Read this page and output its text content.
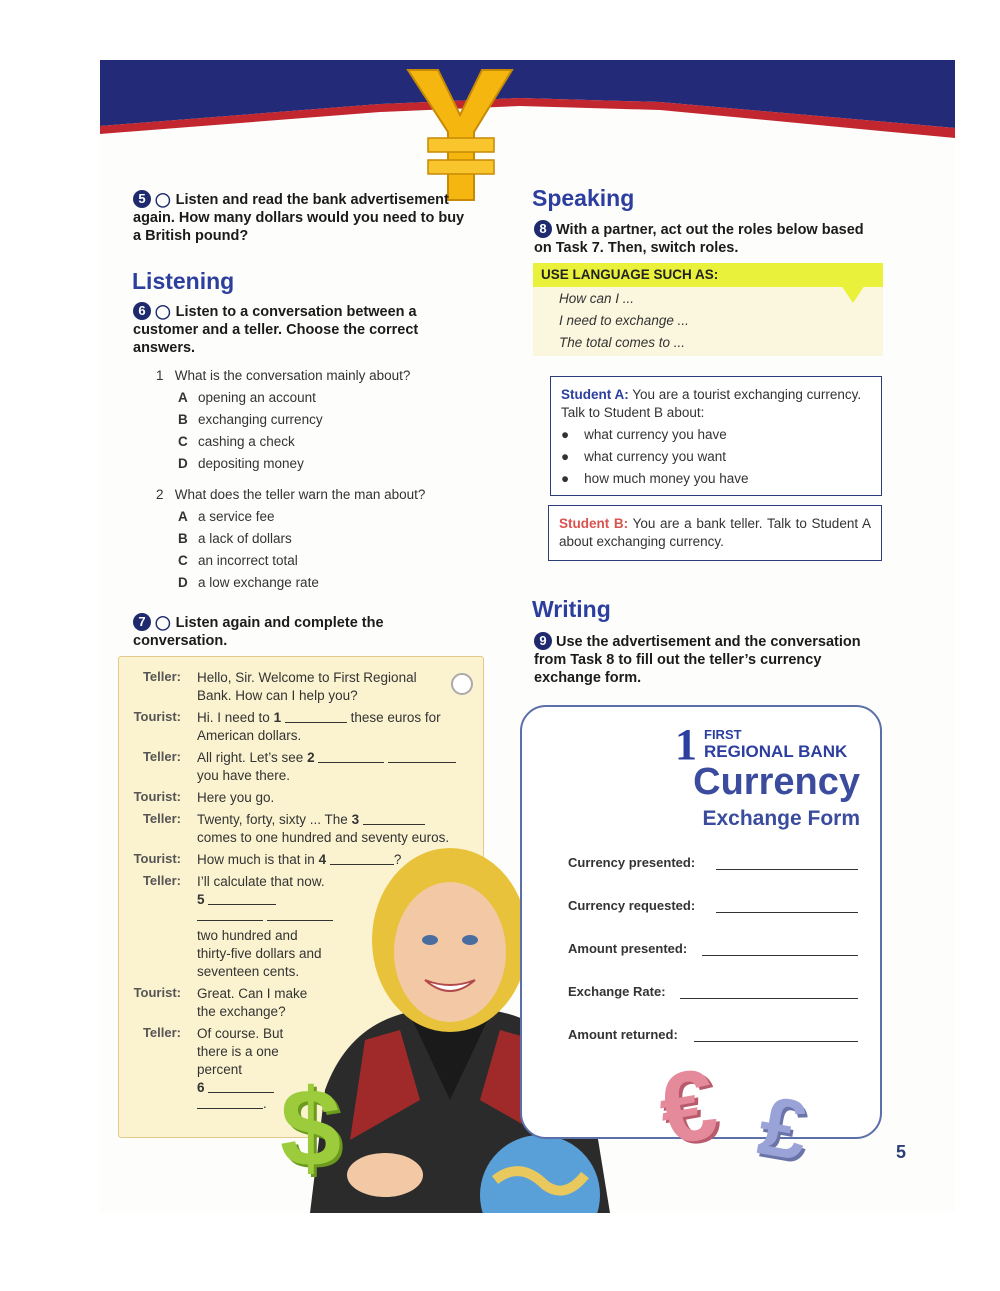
5 ◯ Listen and read the bank advertisement again. How many dollars would you need to buy a British pound?
Listening
6 ◯ Listen to a conversation between a customer and a teller. Choose the correct answers.
1 What is the conversation mainly about?
A opening an account
B exchanging currency
C cashing a check
D depositing money
2 What does the teller warn the man about?
A a service fee
B a lack of dollars
C an incorrect total
D a low exchange rate
7 ◯ Listen again and complete the conversation.
Teller: Hello, Sir. Welcome to First Regional
Bank. How can I help you?
Tourist: Hi. I need to 1	these euros for
American dollars.
Teller: All right. Let’s see 2
you have there.
Tourist: Here you go.
Teller: Twenty, forty, sixty ... The 3
comes to one hundred and seventy euros.
Tourist: How much is that in 4	?
Teller: I’ll calculate that now.
5

two hundred and
thirty-five dollars and
seventeen cents.
Tourist: Great. Can I make
the exchange?
Teller: Of course. But
there is a one
percent
6
. $
Speaking
8 With a partner, act out the roles below based on Task 7. Then, switch roles.
USE LANGUAGE SUCH AS:
How can I ...
I need to exchange ...
The total comes to ...
Student A: You are a tourist exchanging currency. Talk to Student B about:
●    what currency you have
●    what currency you want
●    how much money you have
Student B: You are a bank teller. Talk to Student A about exchanging currency.
Writing
9 Use the advertisement and the conversation from Task 8 to fill out the teller’s currency exchange form.
1 FIRST
REGIONAL BANK
Currency
Exchange Form
Currency presented:
Currency requested:
Amount presented:
Exchange Rate:
Amount returned:
€ £	5
